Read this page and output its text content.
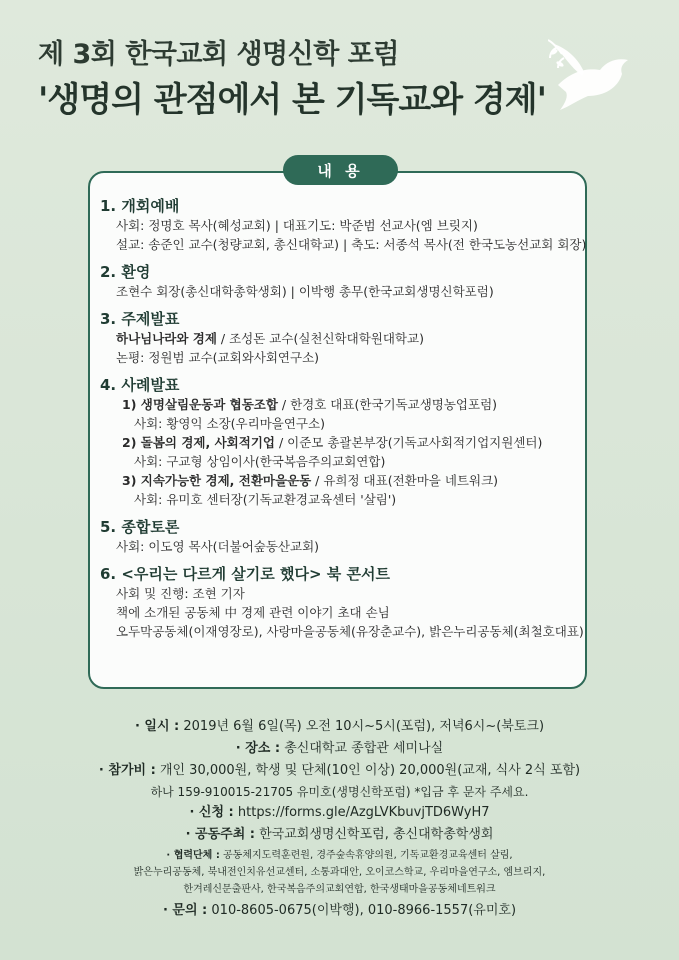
제 3회 한국교회 생명신학 포럼
'생명의 관점에서 본 기독교와 경제'
내 용
1. 개회예배
사회: 정명호 목사(혜성교회) | 대표기도: 박준범 선교사(엠 브릿지)
설교: 송준인 교수(청량교회, 총신대학교) | 축도: 서종석 목사(전 한국도농선교회 회장)
2. 환영
조현수 회장(총신대학총학생회) | 이박행 총무(한국교회생명신학포럼)
3. 주제발표
하나님나라와 경제 / 조성돈 교수(실천신학대학원대학교)
논평: 정원범 교수(교회와사회연구소)
4. 사례발표
1) 생명살림운동과 협동조합 / 한경호 대표(한국기독교생명농업포럼)
사회: 황영익 소장(우리마을연구소)
2) 돌봄의 경제, 사회적기업 / 이준모 총괄본부장(기독교사회적기업지원센터)
사회: 구교형 상임이사(한국복음주의교회연합)
3) 지속가능한 경제, 전환마을운동 / 유희정 대표(전환마을 네트워크)
사회: 유미호 센터장(기독교환경교육센터 '살림')
5. 종합토론
사회: 이도영 목사(더불어숲동산교회)
6. <우리는 다르게 살기로 했다> 북 콘서트
사회 및 진행: 조현 기자
책에 소개된 공동체 中 경제 관련 이야기 초대 손님
오두막공동체(이재영장로), 사랑마을공동체(유장춘교수), 밝은누리공동체(최철호대표)
· 일시 : 2019년 6월 6일(목) 오전 10시~5시(포럼), 저녁6시~(북토크)
· 장소 : 총신대학교 종합관 세미나실
· 참가비 : 개인 30,000원, 학생 및 단체(10인 이상) 20,000원(교재, 식사 2식 포함)
하나 159-910015-21705 유미호(생명신학포럼) *입금 후 문자 주세요.
· 신청 : https://forms.gle/AzgLVKbuvjTD6WyH7
· 공동주최 : 한국교회생명신학포럼, 총신대학총학생회
· 협력단체 : 공동체지도력훈련원, 경주숲속휴양의원, 기독교환경교육센터 살림,
밝은누리공동체, 북내전인치유선교센터, 소통과대안, 오이코스학교, 우리마을연구소, 엠브리지,
한겨레신문출판사, 한국복음주의교회연합, 한국생태마을공동체네트워크
· 문의 : 010-8605-0675(이박행), 010-8966-1557(유미호)
